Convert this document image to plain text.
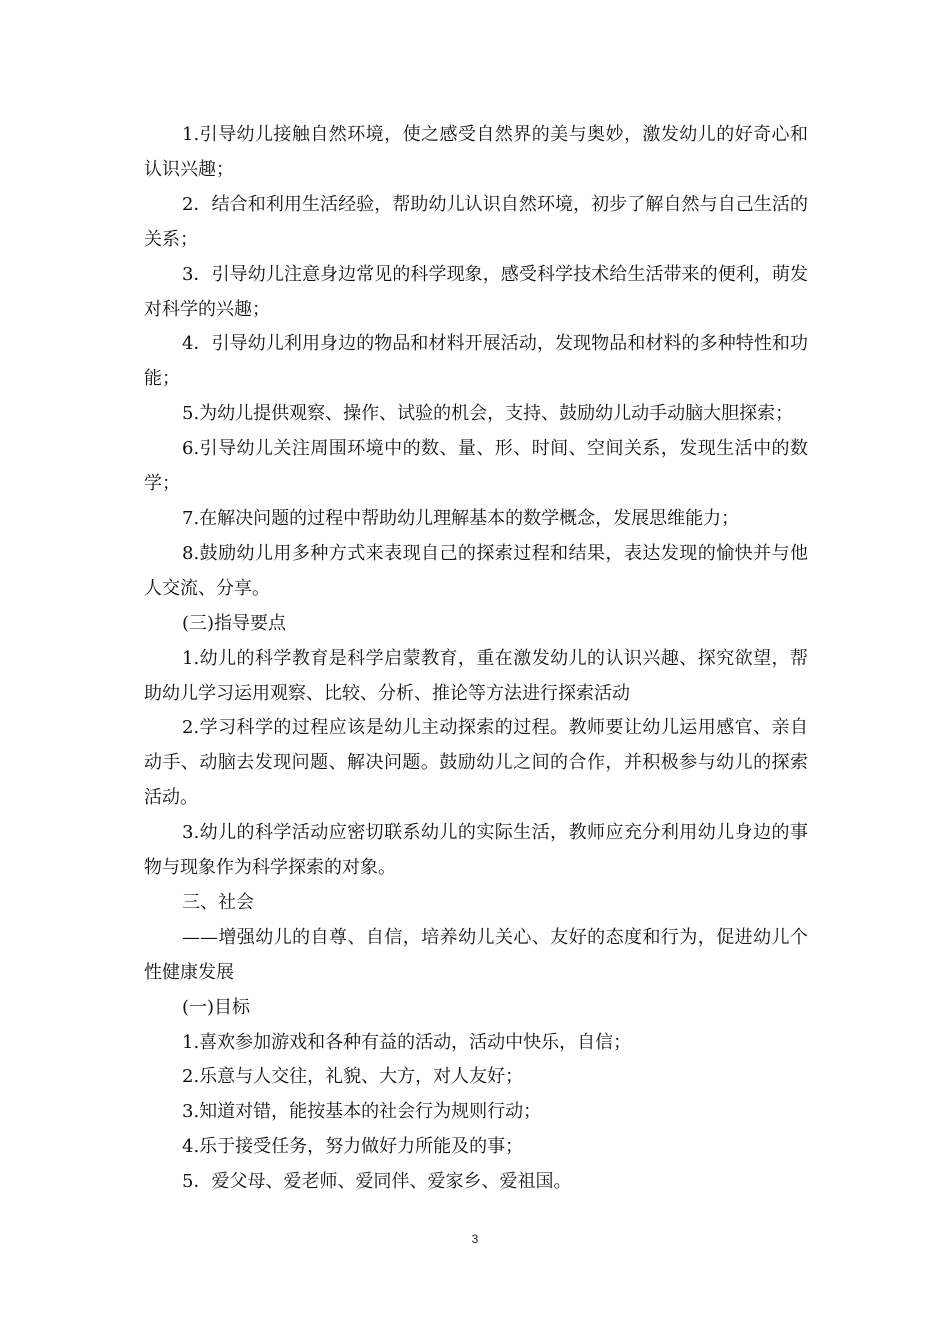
1.引导幼儿接触自然环境，使之感受自然界的美与奥妙，激发幼儿的好奇心和认识兴趣；

2．结合和利用生活经验，帮助幼儿认识自然环境，初步了解自然与自己生活的关系；

3．引导幼儿注意身边常见的科学现象，感受科学技术给生活带来的便利，萌发对科学的兴趣；

4．引导幼儿利用身边的物品和材料开展活动，发现物品和材料的多种特性和功能；

5.为幼儿提供观察、操作、试验的机会，支持、鼓励幼儿动手动脑大胆探索；

6.引导幼儿关注周围环境中的数、量、形、时间、空间关系，发现生活中的数学；

7.在解决问题的过程中帮助幼儿理解基本的数学概念，发展思维能力；

8.鼓励幼儿用多种方式来表现自己的探索过程和结果，表达发现的愉快并与他人交流、分享。

(三)指导要点

1.幼儿的科学教育是科学启蒙教育，重在激发幼儿的认识兴趣、探究欲望，帮助幼儿学习运用观察、比较、分析、推论等方法进行探索活动

2.学习科学的过程应该是幼儿主动探索的过程。教师要让幼儿运用感官、亲自动手、动脑去发现问题、解决问题。鼓励幼儿之间的合作，并积极参与幼儿的探索活动。

3.幼儿的科学活动应密切联系幼儿的实际生活，教师应充分利用幼儿身边的事物与现象作为科学探索的对象。

三、社会

——增强幼儿的自尊、自信，培养幼儿关心、友好的态度和行为，促进幼儿个性健康发展

(一)目标

1.喜欢参加游戏和各种有益的活动，活动中快乐，自信；

2.乐意与人交往，礼貌、大方，对人友好；

3.知道对错，能按基本的社会行为规则行动；

4.乐于接受任务，努力做好力所能及的事；

5．爱父母、爱老师、爱同伴、爱家乡、爱祖国。

3
